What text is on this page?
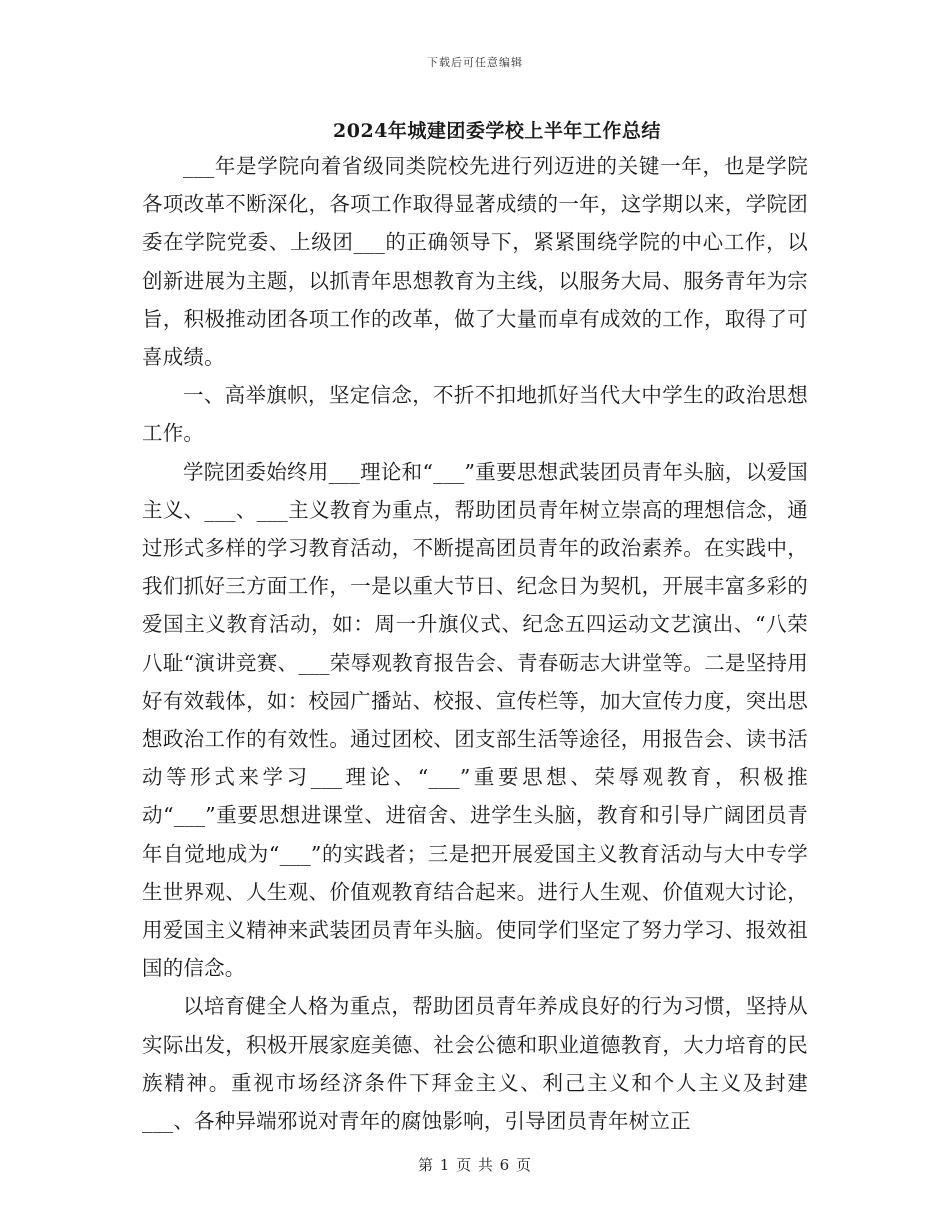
下载后可任意编辑
2024年城建团委学校上半年工作总结

___年是学院向着省级同类院校先进行列迈进的关键一年，也是学院各项改革不断深化，各项工作取得显著成绩的一年，这学期以来，学院团委在学院党委、上级团___的正确领导下，紧紧围绕学院的中心工作，以创新进展为主题，以抓青年思想教育为主线，以服务大局、服务青年为宗旨，积极推动团各项工作的改革，做了大量而卓有成效的工作，取得了可喜成绩。

一、高举旗帜，坚定信念，不折不扣地抓好当代大中学生的政治思想工作。

学院团委始终用___理论和“___”重要思想武装团员青年头脑，以爱国主义、___、___主义教育为重点，帮助团员青年树立崇高的理想信念，通过形式多样的学习教育活动，不断提高团员青年的政治素养。在实践中，我们抓好三方面工作，一是以重大节日、纪念日为契机，开展丰富多彩的爱国主义教育活动，如：周一升旗仪式、纪念五四运动文艺演出、“八荣八耻“演讲竞赛、___荣辱观教育报告会、青春砺志大讲堂等。二是坚持用好有效载体，如：校园广播站、校报、宣传栏等，加大宣传力度，突出思想政治工作的有效性。通过团校、团支部生活等途径，用报告会、读书活动等形式来学习___理论、“___”重要思想、荣辱观教育，积极推动“___”重要思想进课堂、进宿舍、进学生头脑，教育和引导广阔团员青年自觉地成为“___”的实践者；三是把开展爱国主义教育活动与大中专学生世界观、人生观、价值观教育结合起来。进行人生观、价值观大讨论，用爱国主义精神来武装团员青年头脑。使同学们坚定了努力学习、报效祖国的信念。

以培育健全人格为重点，帮助团员青年养成良好的行为习惯，坚持从实际出发，积极开展家庭美德、社会公德和职业道德教育，大力培育的民族精神。重视市场经济条件下拜金主义、利己主义和个人主义及封建___、各种异端邪说对青年的腐蚀影响，引导团员青年树立正

第 1 页 共 6 页
